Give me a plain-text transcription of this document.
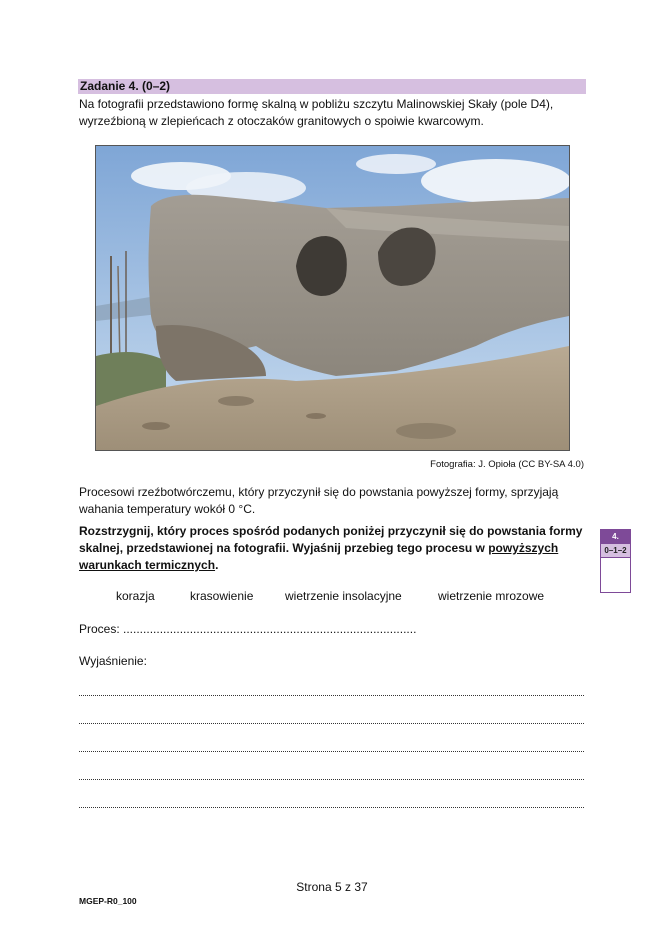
Zadanie 4. (0–2)
Na fotografii przedstawiono formę skalną w pobliżu szczytu Malinowskiej Skały (pole D4), wyrzeźbioną w zlepieńcach z otoczaków granitowych o spoiwie kwarcowym.
Fotografia: J. Opioła (CC BY-SA 4.0)
Procesowi rzeźbotwórczemu, który przyczynił się do powstania powyższej formy, sprzyjają wahania temperatury wokół 0 °C.
Rozstrzygnij, który proces spośród podanych poniżej przyczynił się do powstania formy skalnej, przedstawionej na fotografii. Wyjaśnij przebieg tego procesu w powyższych warunkach termicznych.
korazja	krasowienie	wietrzenie insolacyjne	wietrzenie mrozowe
Proces: ........................................................................................
Wyjaśnienie:
4.
0–1–2
Strona 5 z 37
MGEP-R0_100
